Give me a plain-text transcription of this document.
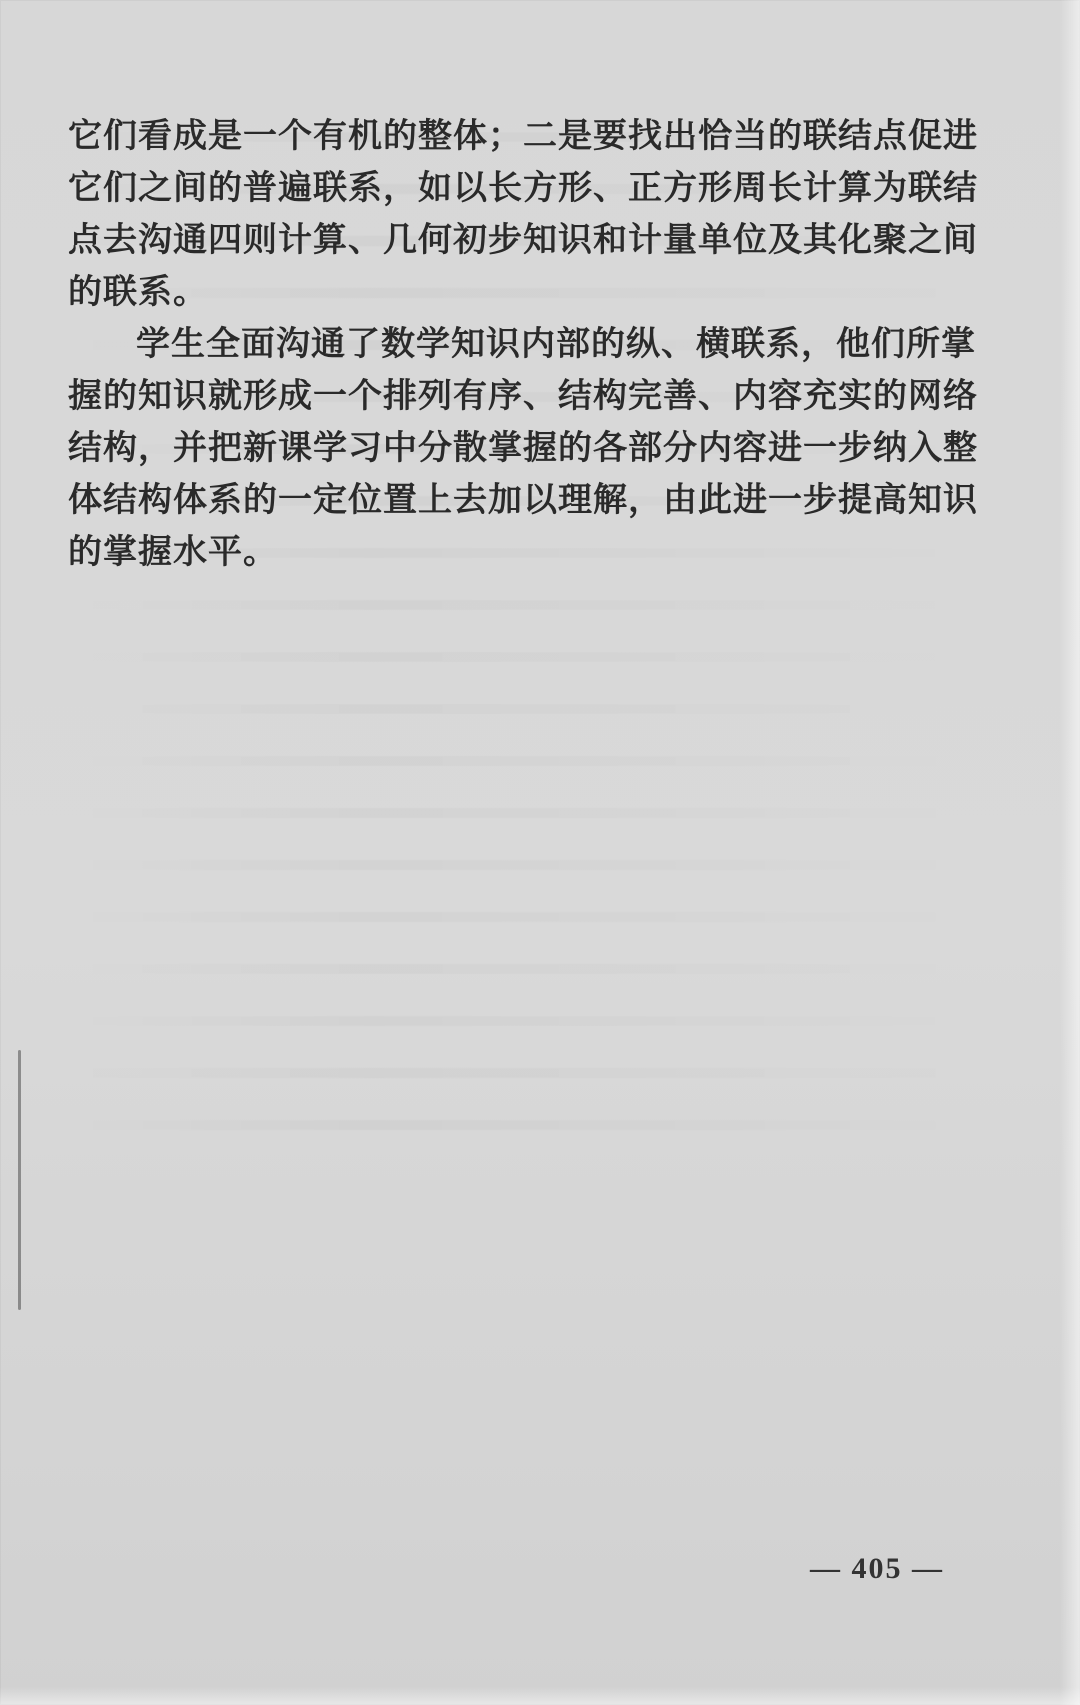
它们看成是一个有机的整体；二是要找出恰当的联结点促进它们之间的普遍联系，如以长方形、正方形周长计算为联结点去沟通四则计算、几何初步知识和计量单位及其化聚之间的联系。

学生全面沟通了数学知识内部的纵、横联系，他们所掌握的知识就形成一个排列有序、结构完善、内容充实的网络结构，并把新课学习中分散掌握的各部分内容进一步纳入整体结构体系的一定位置上去加以理解，由此进一步提高知识的掌握水平。

— 405 —
